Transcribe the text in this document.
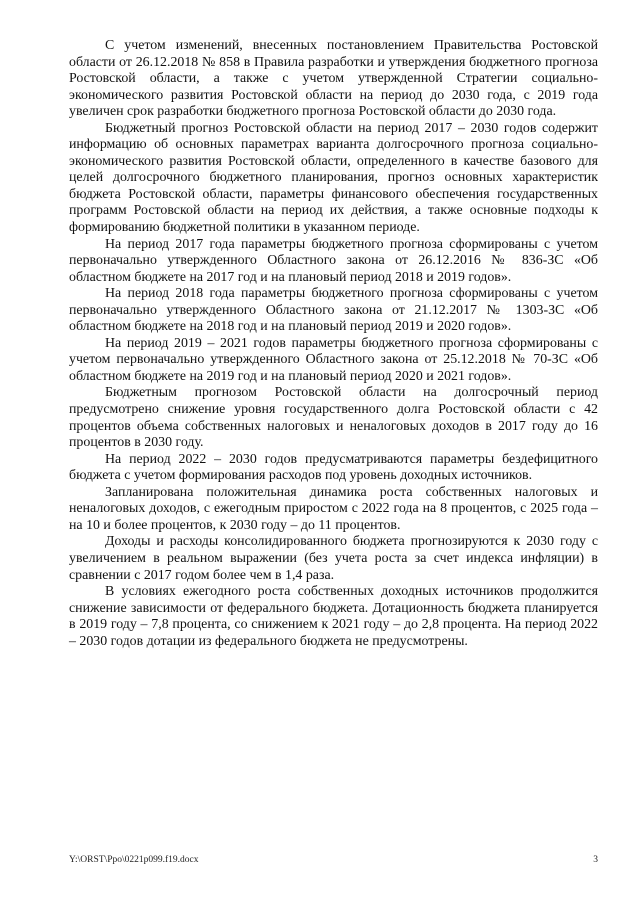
С учетом изменений, внесенных постановлением Правительства Ростовской области от 26.12.2018 № 858 в Правила разработки и утверждения бюджетного прогноза Ростовской области, а также с учетом утвержденной Стратегии социально-экономического развития Ростовской области на период до 2030 года, с 2019 года увеличен срок разработки бюджетного прогноза Ростовской области до 2030 года.

Бюджетный прогноз Ростовской области на период 2017 – 2030 годов содержит информацию об основных параметрах варианта долгосрочного прогноза социально-экономического развития Ростовской области, определенного в качестве базового для целей долгосрочного бюджетного планирования, прогноз основных характеристик бюджета Ростовской области, параметры финансового обеспечения государственных программ Ростовской области на период их действия, а также основные подходы к формированию бюджетной политики в указанном периоде.

На период 2017 года параметры бюджетного прогноза сформированы с учетом первоначально утвержденного Областного закона от 26.12.2016 № 836-ЗС «Об областном бюджете на 2017 год и на плановый период 2018 и 2019 годов».

На период 2018 года параметры бюджетного прогноза сформированы с учетом первоначально утвержденного Областного закона от 21.12.2017 № 1303-ЗС «Об областном бюджете на 2018 год и на плановый период 2019 и 2020 годов».

На период 2019 – 2021 годов параметры бюджетного прогноза сформированы с учетом первоначально утвержденного Областного закона от 25.12.2018 № 70-ЗС «Об областном бюджете на 2019 год и на плановый период 2020 и 2021 годов».

Бюджетным прогнозом Ростовской области на долгосрочный период предусмотрено снижение уровня государственного долга Ростовской области с 42 процентов объема собственных налоговых и неналоговых доходов в 2017 году до 16 процентов в 2030 году.

На период 2022 – 2030 годов предусматриваются параметры бездефицитного бюджета с учетом формирования расходов под уровень доходных источников.

Запланирована положительная динамика роста собственных налоговых и неналоговых доходов, с ежегодным приростом с 2022 года на 8 процентов, с 2025 года – на 10 и более процентов, к 2030 году – до 11 процентов.

Доходы и расходы консолидированного бюджета прогнозируются к 2030 году с увеличением в реальном выражении (без учета роста за счет индекса инфляции) в сравнении с 2017 годом более чем в 1,4 раза.

В условиях ежегодного роста собственных доходных источников продолжится снижение зависимости от федерального бюджета. Дотационность бюджета планируется в 2019 году – 7,8 процента, со снижением к 2021 году – до 2,8 процента. На период 2022 – 2030 годов дотации из федерального бюджета не предусмотрены.

Y:\ORST\Ppo\0221p099.f19.docx	3
